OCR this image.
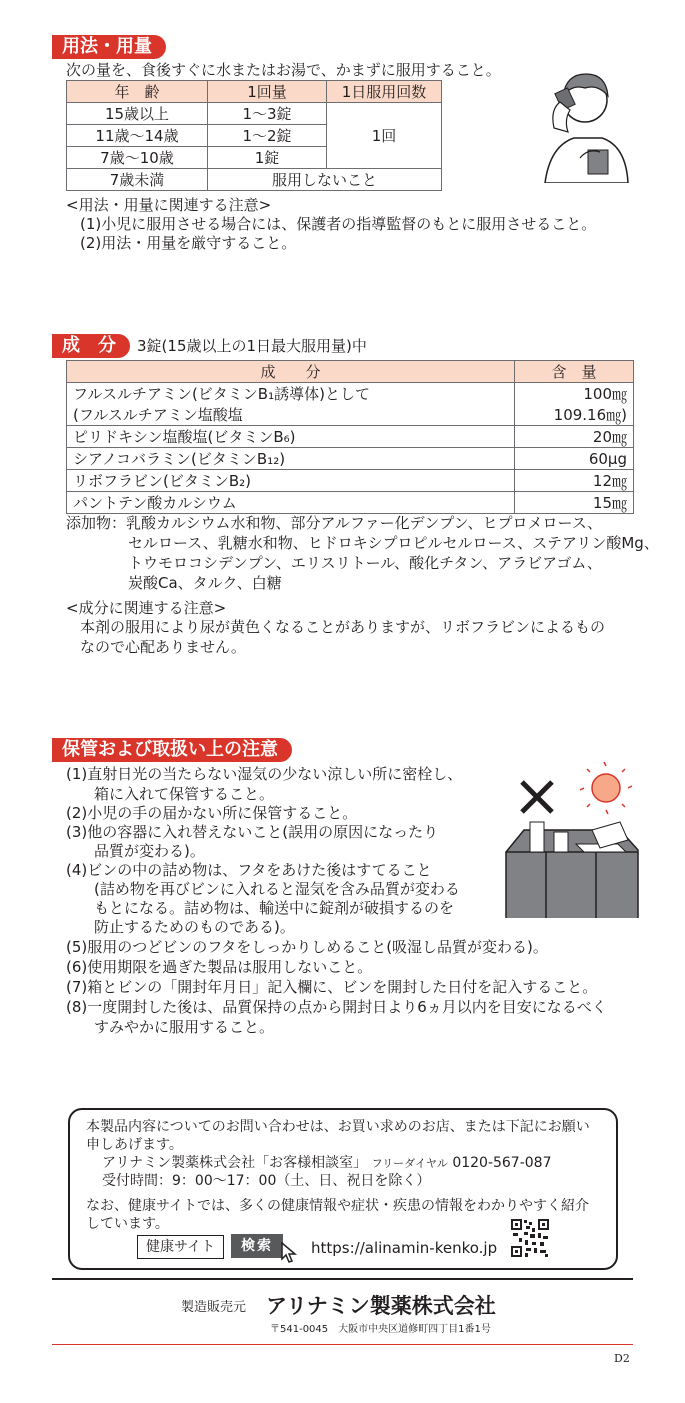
用法・用量
次の量を、食後すぐに水またはお湯で、かまずに服用すること。
年　齢	1回量	1日服用回数
15歳以上	1～3錠	1回
11歳～14歳	1～2錠	
7歳～10歳	1錠	
7歳未満	服用しないこと	
<用法・用量に関連する注意>
(1)小児に服用させる場合には、保護者の指導監督のもとに服用させること。
(2)用法・用量を厳守すること。
成　分	3錠(15歳以上の1日最大服用量)中
成　　分	含　量
フルスルチアミン(ビタミンB₁誘導体)として	100㎎
(フルスルチアミン塩酸塩	109.16㎎)
ピリドキシン塩酸塩(ビタミンB₆)	20㎎
シアノコバラミン(ビタミンB₁₂)	60μg
リボフラビン(ビタミンB₂)	12㎎
パントテン酸カルシウム	15㎎
添加物：乳酸カルシウム水和物、部分アルファー化デンプン、ヒプロメロース、
セルロース、乳糖水和物、ヒドロキシプロピルセルロース、ステアリン酸Mg、
トウモロコシデンプン、エリスリトール、酸化チタン、アラビアゴム、
炭酸Ca、タルク、白糖
<成分に関連する注意>
本剤の服用により尿が黄色くなることがありますが、リボフラビンによるもの
なので心配ありません。
保管および取扱い上の注意
(1)直射日光の当たらない湿気の少ない涼しい所に密栓し、
箱に入れて保管すること。
(2)小児の手の届かない所に保管すること。
(3)他の容器に入れ替えないこと(誤用の原因になったり
品質が変わる)。
(4)ビンの中の詰め物は、フタをあけた後はすてること
(詰め物を再びビンに入れると湿気を含み品質が変わる
もとになる。詰め物は、輸送中に錠剤が破損するのを
防止するためのものである)。
(5)服用のつどビンのフタをしっかりしめること(吸湿し品質が変わる)。
(6)使用期限を過ぎた製品は服用しないこと。
(7)箱とビンの「開封年月日」記入欄に、ビンを開封した日付を記入すること。
(8)一度開封した後は、品質保持の点から開封日より6ヵ月以内を目安になるべく
すみやかに服用すること。
本製品内容についてのお問い合わせは、お買い求めのお店、または下記にお願い
申しあげます。
アリナミン製薬株式会社「お客様相談室」 フリーダイヤル 0120-567-087
受付時間：9：00～17：00（土、日、祝日を除く）
なお、健康サイトでは、多くの健康情報や症状・疾患の情報をわかりやすく紹介
しています。
健康サイト	検索	https://alinamin-kenko.jp
製造販売元 アリナミン製薬株式会社
〒541-0045　大阪市中央区道修町四丁目1番1号
D2
